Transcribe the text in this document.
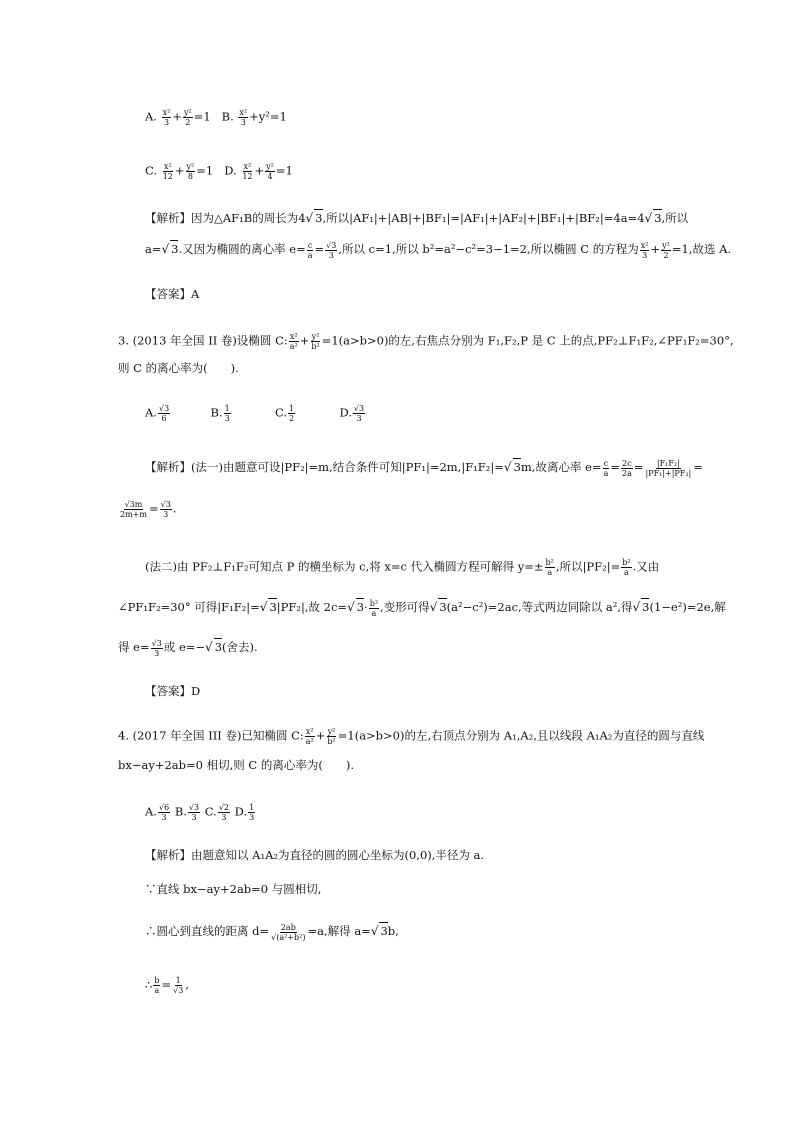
A. $\frac{\text{x²}}{3} + \frac{\text{y²}}{2} =1$ B. $\frac{\text{x²}}{3} +y^2=1$
C. $\frac{\text{x²}}{12} + \frac{\text{y²}}{8} =1$ D. $\frac{\text{x²}}{12} + \frac{\text{y²}}{4} =1$
【解析】因为△AF₁B的周长为4√ 3,所以|AF₁|+|AB|+|BF₁|=|AF₁|+|AF₂|+|BF₁|+|BF₂|=4a=4√ 3,所以
a=√ 3.又因为椭圆的离心率 $e= \frac{c}{a} = \frac{√3}{3}$ ,所以 c=1,所以 b²=a²−c²=3−1=2,所以椭圆 C 的方程为 $\frac{\text{x²}}{3} + \frac{\text{y²}}{2} =1$,故选 A.
【答案】A
3. (2013 年全国 II 卷)设椭圆 C: $\frac{\text{x²}}{\text{a²}} + \frac{\text{y²}}{\text{b²}} =1(a>b>0)$的左,右焦点分别为 F₁,F₂,P 是 C 上的点,PF₂⊥F₁F₂,∠PF₁F₂=30°,
则 C 的离心率为(　　).
A. $\frac{√3}{6}$	B. $\frac{1}{3}$	C. $\frac{1}{2}$	D. $\frac{√3}{3}$
【解析】(法一)由题意可设|PF₂|=m,结合条件可知|PF₁|=2m,|F₁F₂|=√ 3m,故离心率 $e= \frac{c}{a} = \frac{2c}{2a} = \frac{\text{|F₁F₂|}}{\text{|PF₁|+|PF₂|}}$ =
$\frac{√3m}{2m+m} = \frac{√3}{3}$ .
(法二)由 PF₂⊥F₁F₂可知点 P 的横坐标为 c,将 x=c 代入椭圆方程可解得 $y=\pm \frac{\text{b²}}{a}$ ,所以$|PF_2|= \frac{\text{b²}}{a}$ .又由
∠PF₁F₂=30° 可得|F₁F₂|=√ 3|PF₂|,故 2c=√ $3\cdot \frac{\text{b²}}{a}$ ,变形可得√ 3(a²−c²)=2ac,等式两边同除以 a²,得√ 3(1−e²)=2e,解
得 $e= \frac{√3}{3}$ 或 e=−√ 3(舍去).
【答案】D
4. (2017 年全国 III 卷)已知椭圆 C: $\frac{\text{x²}}{\text{a²}} + \frac{\text{y²}}{\text{b²}} =1(a>b>0)$的左,右顶点分别为 A₁,A₂,且以线段 A₁A₂为直径的圆与直线
bx−ay+2ab=0 相切,则 C 的离心率为(　　).
A. $\frac{√6}{3} B$. $\frac{√3}{3} C$. $\frac{√2}{3} D$. $\frac{1}{3}$
【解析】由题意知以 A₁A₂为直径的圆的圆心坐标为(0,0),半径为 a.
∵直线 bx−ay+2ab=0 与圆相切,
∴圆心到直线的距离 $d= \frac{2ab}{\text{√(a²+b²)}} =a$,解得 a=√ 3b,
∴ $\frac{b}{a} = \frac{1}{√3}$ ,
